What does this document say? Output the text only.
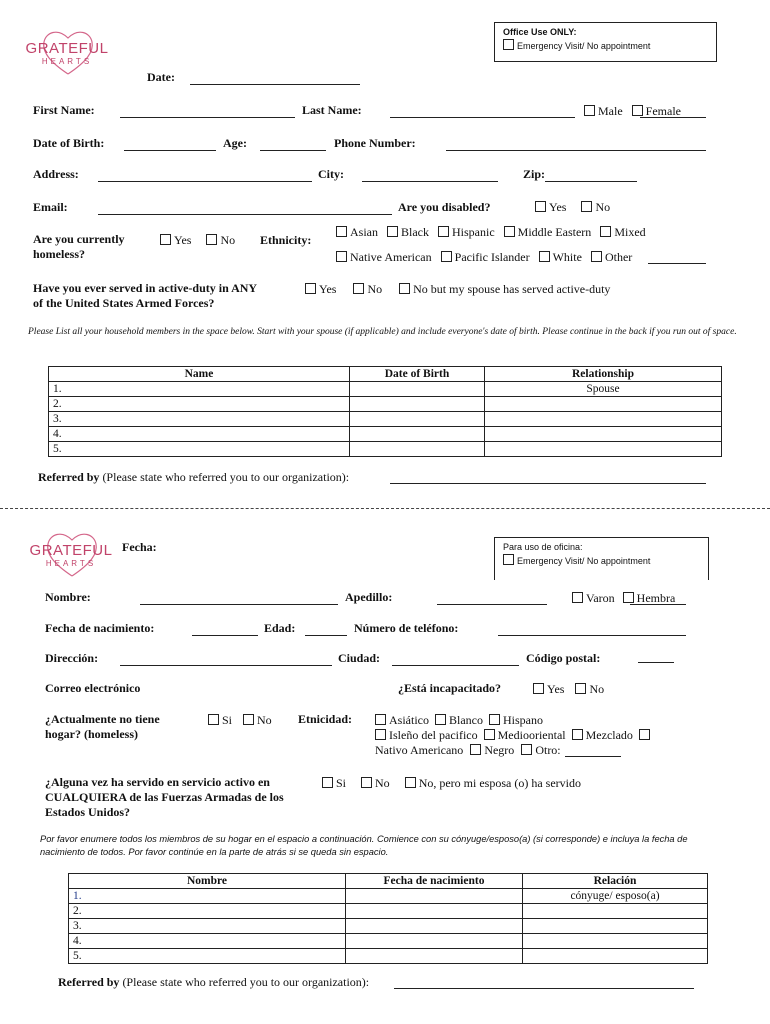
GRATEFUL
HEARTS
Office Use ONLY:
Emergency Visit/ No appointment
Date:
First Name:	Last Name:	Male Female
Date of Birth:	Age:	Phone Number:
Address:	City:	Zip:
Email:	Are you disabled?	Yes No
Are you currently
homeless?
Yes No Ethnicity:
Asian Black Hispanic Middle Eastern Mixed
Native American Pacific Islander White Other
Have you ever served in active-duty in ANY
of the United States Armed Forces?
Yes	No	No but my spouse has served active-duty
Please List all your household members in the space below. Start with your spouse (if applicable) and include everyone's date of birth. Please continue in the back if you run out of space.
Name	Date of Birth	Relationship
1.		Spouse
2.		
3.		
4.		
5.		
Referred by (Please state who referred you to our organization):
GRATEFUL
HEARTS
Fecha:	Para uso de oficina:
Emergency Visit/ No appointment
Nombre:	Apedillo:	Varon Hembra
Fecha de nacimiento:	Edad:	Número de teléfono:
Dirección:	Ciudad:	Código postal:
Correo electrónico	¿Está incapacitado?	Yes No
¿Actualmente no tiene
hogar? (homeless)
Si No Etnicidad:	Asiático Blanco Hispano
Isleño del pacifico Mediooriental Mezclado
Nativo Americano Negro Otro:
¿Alguna vez ha servido en servicio activo en
CUALQUIERA de las Fuerzas Armadas de los
Estados Unidos?
Si No No, pero mi esposa (o) ha servido
Por favor enumere todos los miembros de su hogar en el espacio a continuación. Comience con su cónyuge/esposo(a) (si corresponde) e incluya la fecha de nacimiento de todos. Por favor continúe en la parte de atrás si se queda sin espacio.
Nombre	Fecha de nacimiento	Relación
1.		cónyuge/ esposo(a)
2.		
3.		
4.		
5.		
Referred by (Please state who referred you to our organization):
